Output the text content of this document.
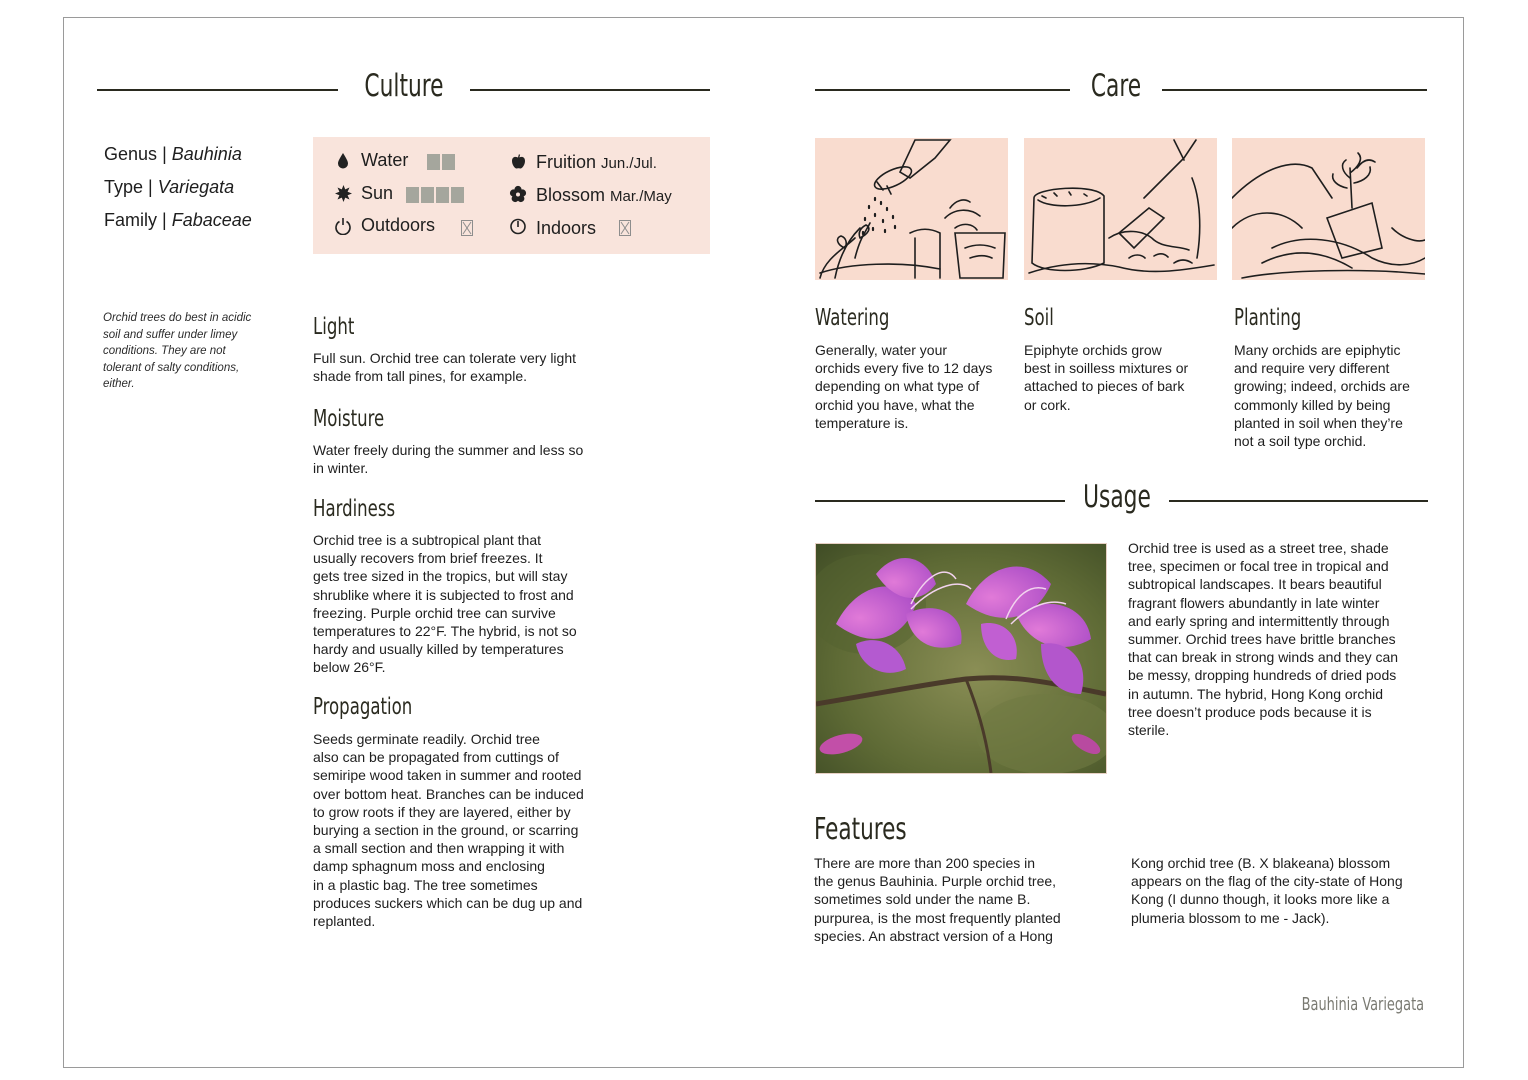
Culture
Genus | Bauhinia
Type | Variegata
Family | Fabaceae
Orchid trees do best in acidic soil and suffer under limey conditions. They are not tolerant of salty conditions, either.
Water
Sun
Outdoors
Fruition Jun./Jul.
Blossom Mar./May
Indoors
Light
Full sun. Orchid tree can tolerate very light
shade from tall pines, for example.
Moisture
Water freely during the summer and less so
in winter.
Hardiness
Orchid tree is a subtropical plant that
usually recovers from brief freezes. It
gets tree sized in the tropics, but will stay
shrublike where it is subjected to frost and
freezing. Purple orchid tree can survive
temperatures to 22°F. The hybrid, is not so
hardy and usually killed by temperatures
below 26°F.
Propagation
Seeds germinate readily. Orchid tree
also can be propagated from cuttings of
semiripe wood taken in summer and rooted
over bottom heat. Branches can be induced
to grow roots if they are layered, either by
burying a section in the ground, or scarring
a small section and then wrapping it with
damp sphagnum moss and enclosing
in a plastic bag. The tree sometimes
produces suckers which can be dug up and
replanted.
Care
Watering
Generally, water your
orchids every five to 12 days
depending on what type of
orchid you have, what the
temperature is.
Soil
Epiphyte orchids grow
best in soilless mixtures or
attached to pieces of bark
or cork.
Planting
Many orchids are epiphytic
and require very different
growing; indeed, orchids are
commonly killed by being
planted in soil when they’re
not a soil type orchid.
Usage
Orchid tree is used as a street tree, shade
tree, specimen or focal tree in tropical and
subtropical landscapes. It bears beautiful
fragrant flowers abundantly in late winter
and early spring and intermittently through
summer. Orchid trees have brittle branches
that can break in strong winds and they can
be messy, dropping hundreds of dried pods
in autumn. The hybrid, Hong Kong orchid
tree doesn’t produce pods because it is
sterile.
Features
There are more than 200 species in
the genus Bauhinia. Purple orchid tree,
sometimes sold under the name B.
purpurea, is the most frequently planted
species. An abstract version of a Hong
Kong orchid tree (B. X blakeana) blossom
appears on the flag of the city-state of Hong
Kong (I dunno though, it looks more like a
plumeria blossom to me - Jack).
Bauhinia Variegata
